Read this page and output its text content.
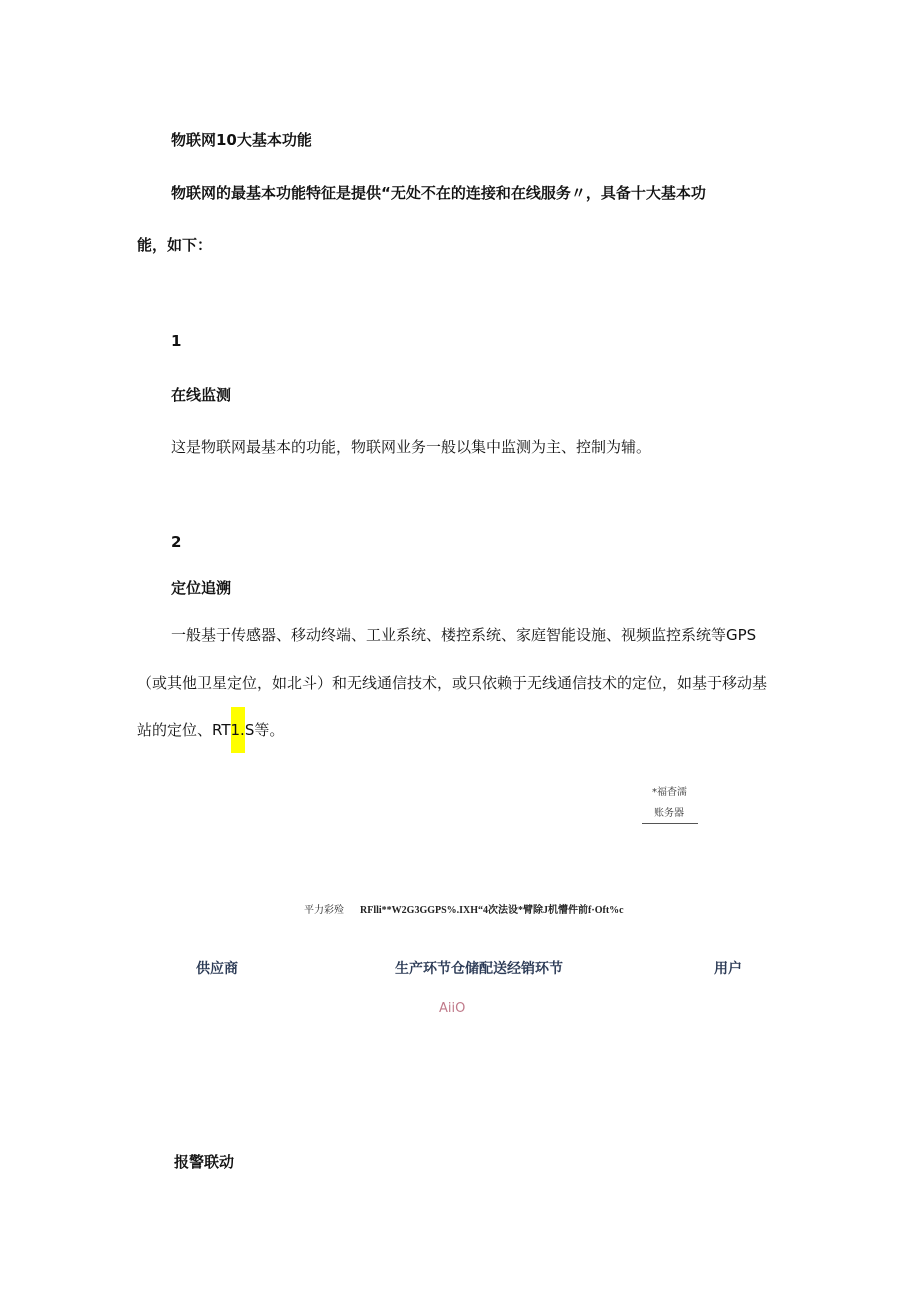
物联网10大基本功能
物联网的最基本功能特征是提供“无处不在的连接和在线服务〃，具备十大基本功
能，如下：
1
在线监测
这是物联网最基本的功能，物联网业务一般以集中监测为主、控制为辅。
2
定位追溯
一般基于传感器、移动终端、工业系统、楼控系统、家庭智能设施、视频监控系统等GPS
（或其他卫星定位，如北斗）和无线通信技术，或只依赖于无线通信技术的定位，如基于移动基
站的定位、RT1.S等。
*福杳濡
账务器
平力彩殓 RFlli**W2G3GGPS%.IXH“4次法设*臂除J机懵件前f·Oft%c
供应商	生产环节仓储配送经销环节	用户
AiiO
报警联动
